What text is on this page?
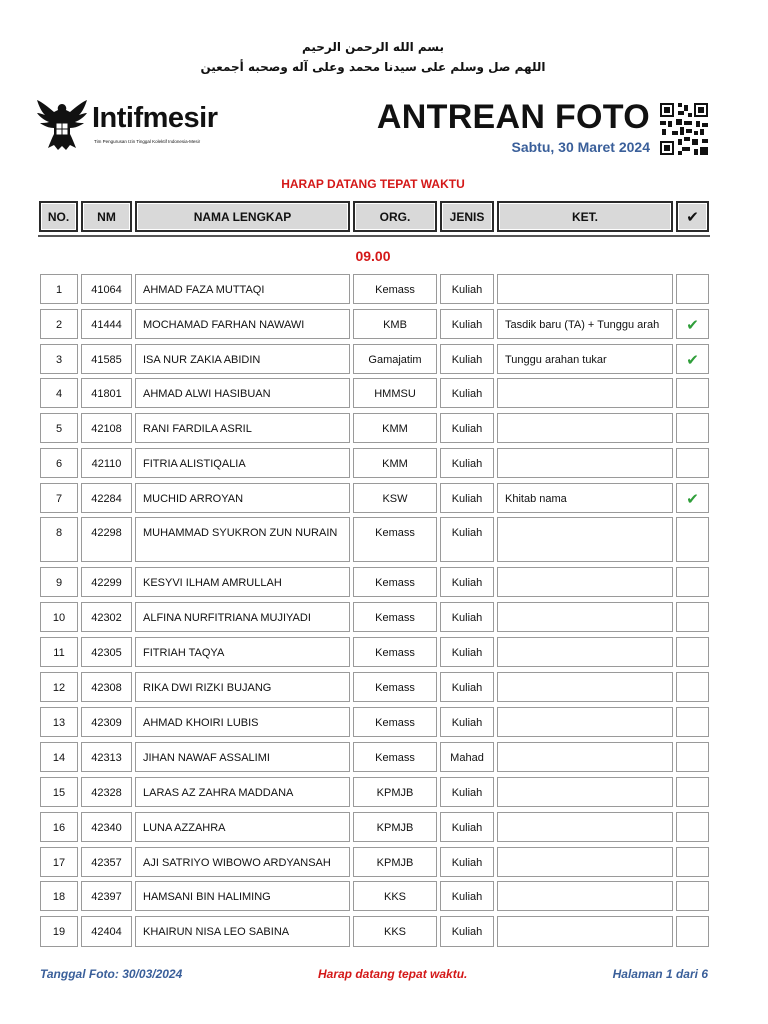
بسم الله الرحمن الرحيم
اللهم صل وسلم على سيدنا محمد وعلى آله وصحبه أجمعين
Intifmesir
Tim Pengurusan Izin Tinggal Kolektif Indonesia-Mesir
ANTREAN FOTO
Sabtu, 30 Maret 2024
HARAP DATANG TEPAT WAKTU
NO.	NM	NAMA LENGKAP	ORG.	JENIS	KET.	✔
09.00
1	41064	AHMAD FAZA MUTTAQI	Kemass	Kuliah
2	41444	MOCHAMAD FARHAN NAWAWI	KMB	Kuliah	Tasdik baru (TA) + Tunggu arah	✔
3	41585	ISA NUR ZAKIA ABIDIN	Gamajatim	Kuliah	Tunggu arahan tukar	✔
4	41801	AHMAD ALWI HASIBUAN	HMMSU	Kuliah
5	42108	RANI FARDILA ASRIL	KMM	Kuliah
6	42110	FITRIA ALISTIQALIA	KMM	Kuliah
7	42284	MUCHID ARROYAN	KSW	Kuliah	Khitab nama	✔
8	42298	MUHAMMAD SYUKRON ZUN NURAIN	Kemass	Kuliah
9	42299	KESYVI ILHAM AMRULLAH	Kemass	Kuliah
10	42302	ALFINA NURFITRIANA MUJIYADI	Kemass	Kuliah
11	42305	FITRIAH TAQYA	Kemass	Kuliah
12	42308	RIKA DWI RIZKI BUJANG	Kemass	Kuliah
13	42309	AHMAD KHOIRI LUBIS	Kemass	Kuliah
14	42313	JIHAN NAWAF ASSALIMI	Kemass	Mahad
15	42328	LARAS AZ ZAHRA MADDANA	KPMJB	Kuliah
16	42340	LUNA AZZAHRA	KPMJB	Kuliah
17	42357	AJI SATRIYO WIBOWO ARDYANSAH	KPMJB	Kuliah
18	42397	HAMSANI BIN HALIMING	KKS	Kuliah
19	42404	KHAIRUN NISA LEO SABINA	KKS	Kuliah
Tanggal Foto: 30/03/2024	Harap datang tepat waktu.	Halaman 1 dari 6
